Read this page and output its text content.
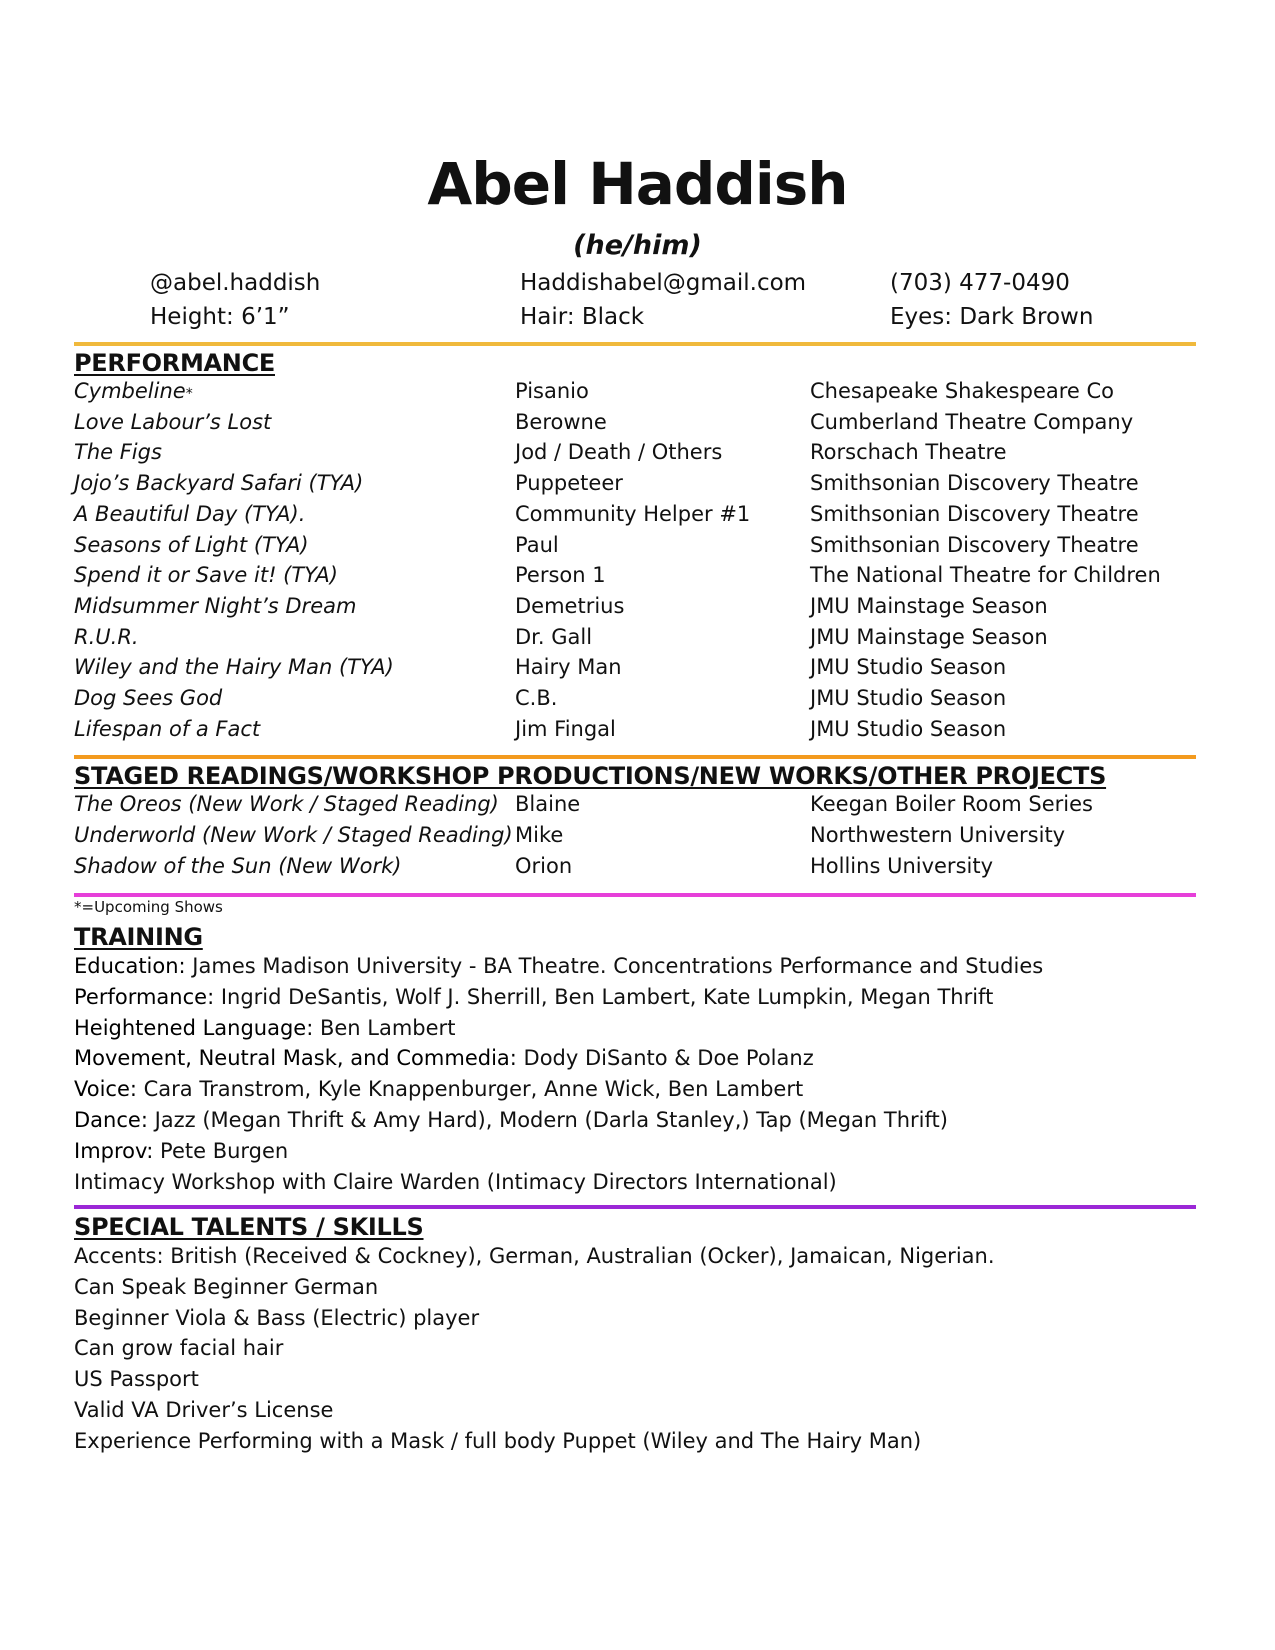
Abel Haddish
(he/him)
@abel.haddish	Haddishabel@gmail.com	(703) 477-0490
Height: 6’1”	Hair: Black	Eyes: Dark Brown
PERFORMANCE
Cymbeline*	Pisanio	Chesapeake Shakespeare Co
Love Labour’s Lost	Berowne	Cumberland Theatre Company
The Figs	Jod / Death / Others	Rorschach Theatre
Jojo’s Backyard Safari (TYA)	Puppeteer	Smithsonian Discovery Theatre
A Beautiful Day (TYA).	Community Helper #1	Smithsonian Discovery Theatre
Seasons of Light (TYA)	Paul	Smithsonian Discovery Theatre
Spend it or Save it! (TYA)	Person 1	The National Theatre for Children
Midsummer Night’s Dream	Demetrius	JMU Mainstage Season
R.U.R.	Dr. Gall	JMU Mainstage Season
Wiley and the Hairy Man (TYA)	Hairy Man	JMU Studio Season
Dog Sees God	C.B.	JMU Studio Season
Lifespan of a Fact	Jim Fingal	JMU Studio Season
STAGED READINGS/WORKSHOP PRODUCTIONS/NEW WORKS/OTHER PROJECTS
The Oreos (New Work / Staged Reading) Blaine	Keegan Boiler Room Series
Underworld (New Work / Staged Reading) Mike	Northwestern University
Shadow of the Sun (New Work)	Orion	Hollins University
*=Upcoming Shows
TRAINING
Education: James Madison University - BA Theatre. Concentrations Performance and Studies
Performance: Ingrid DeSantis, Wolf J. Sherrill, Ben Lambert, Kate Lumpkin, Megan Thrift
Heightened Language: Ben Lambert
Movement, Neutral Mask, and Commedia: Dody DiSanto & Doe Polanz
Voice: Cara Transtrom, Kyle Knappenburger, Anne Wick, Ben Lambert
Dance: Jazz (Megan Thrift & Amy Hard), Modern (Darla Stanley,) Tap (Megan Thrift)
Improv: Pete Burgen
Intimacy Workshop with Claire Warden (Intimacy Directors International)
SPECIAL TALENTS / SKILLS
Accents: British (Received & Cockney), German, Australian (Ocker), Jamaican, Nigerian.
Can Speak Beginner German
Beginner Viola & Bass (Electric) player
Can grow facial hair
US Passport
Valid VA Driver’s License
Experience Performing with a Mask / full body Puppet (Wiley and The Hairy Man)
